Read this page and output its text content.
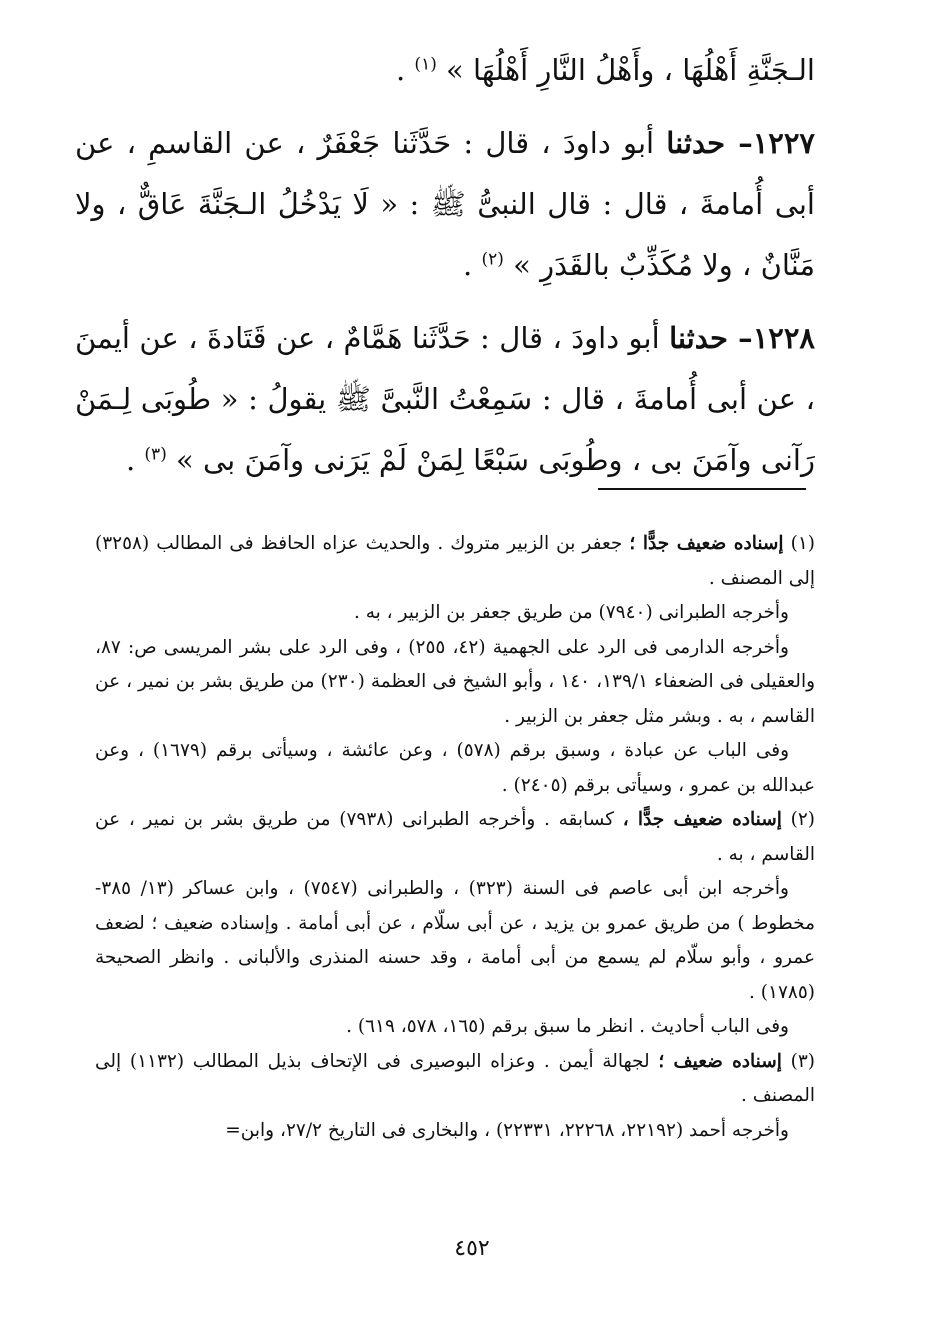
الـجَنَّةِ أَهْلُهَا ، وأَهْلُ النَّارِ أَهْلُهَا » $^{(١)}$ .

١٢٢٧– حدثنا أبو داودَ ، قال : حَدَّثَنا جَعْفَرٌ ، عن القاسمِ ، عن أبى أُمامةَ ، قال : قال النبىُّ ﷺ : « لَا يَدْخُلُ الـجَنَّةَ عَاقٌّ ، ولا مَنَّانٌ ، ولا مُكَذِّبٌ بالقَدَرِ » $^{(٢)}$ .

١٢٢٨– حدثنا أبو داودَ ، قال : حَدَّثَنا هَمَّامٌ ، عن قَتَادةَ ، عن أيمنَ ، عن أبى أُمامةَ ، قال : سَمِعْتُ النَّبىَّ ﷺ يقولُ : « طُوبَى لِـمَنْ رَآنى وآمَنَ بى ، وطُوبَى سَبْعًا لِمَنْ لَمْ يَرَنى وآمَنَ بى » $^{(٣)}$ .

(١) إسناده ضعيف جدًّا ؛ جعفر بن الزبير متروك . والحديث عزاه الحافظ فى المطالب (٣٢٥٨) إلى المصنف .

وأخرجه الطبرانى (٧٩٤٠) من طريق جعفر بن الزبير ، به .

وأخرجه الدارمى فى الرد على الجهمية (٤٢، ٢٥٥) ، وفى الرد على بشر المريسى ص: ٨٧، والعقيلى فى الضعفاء ١٣٩/١، ١٤٠ ، وأبو الشيخ فى العظمة (٢٣٠) من طريق بشر بن نمير ، عن القاسم ، به . وبشر مثل جعفر بن الزبير .

وفى الباب عن عبادة ، وسبق برقم (٥٧٨) ، وعن عائشة ، وسيأتى برقم (١٦٧٩) ، وعن عبدالله بن عمرو ، وسيأتى برقم (٢٤٠٥) .

(٢) إسناده ضعيف جدًّا ، كسابقه . وأخرجه الطبرانى (٧٩٣٨) من طريق بشر بن نمير ، عن القاسم ، به .

وأخرجه ابن أبى عاصم فى السنة (٣٢٣) ، والطبرانى (٧٥٤٧) ، وابن عساكر (١٣/ ٣٨٥- مخطوط ) من طريق عمرو بن يزيد ، عن أبى سلّام ، عن أبى أمامة . وإسناده ضعيف ؛ لضعف عمرو ، وأبو سلّام لم يسمع من أبى أمامة ، وقد حسنه المنذرى والألبانى . وانظر الصحيحة (١٧٨٥) .

وفى الباب أحاديث . انظر ما سبق برقم (١٦٥، ٥٧٨، ٦١٩) .

(٣) إسناده ضعيف ؛ لجهالة أيمن . وعزاه البوصيرى فى الإتحاف بذيل المطالب (١١٣٢) إلى المصنف .

وأخرجه أحمد (٢٢١٩٢، ٢٢٢٦٨، ٢٢٣٣١) ، والبخارى فى التاريخ ٢٧/٢، وابن=

٤٥٢
